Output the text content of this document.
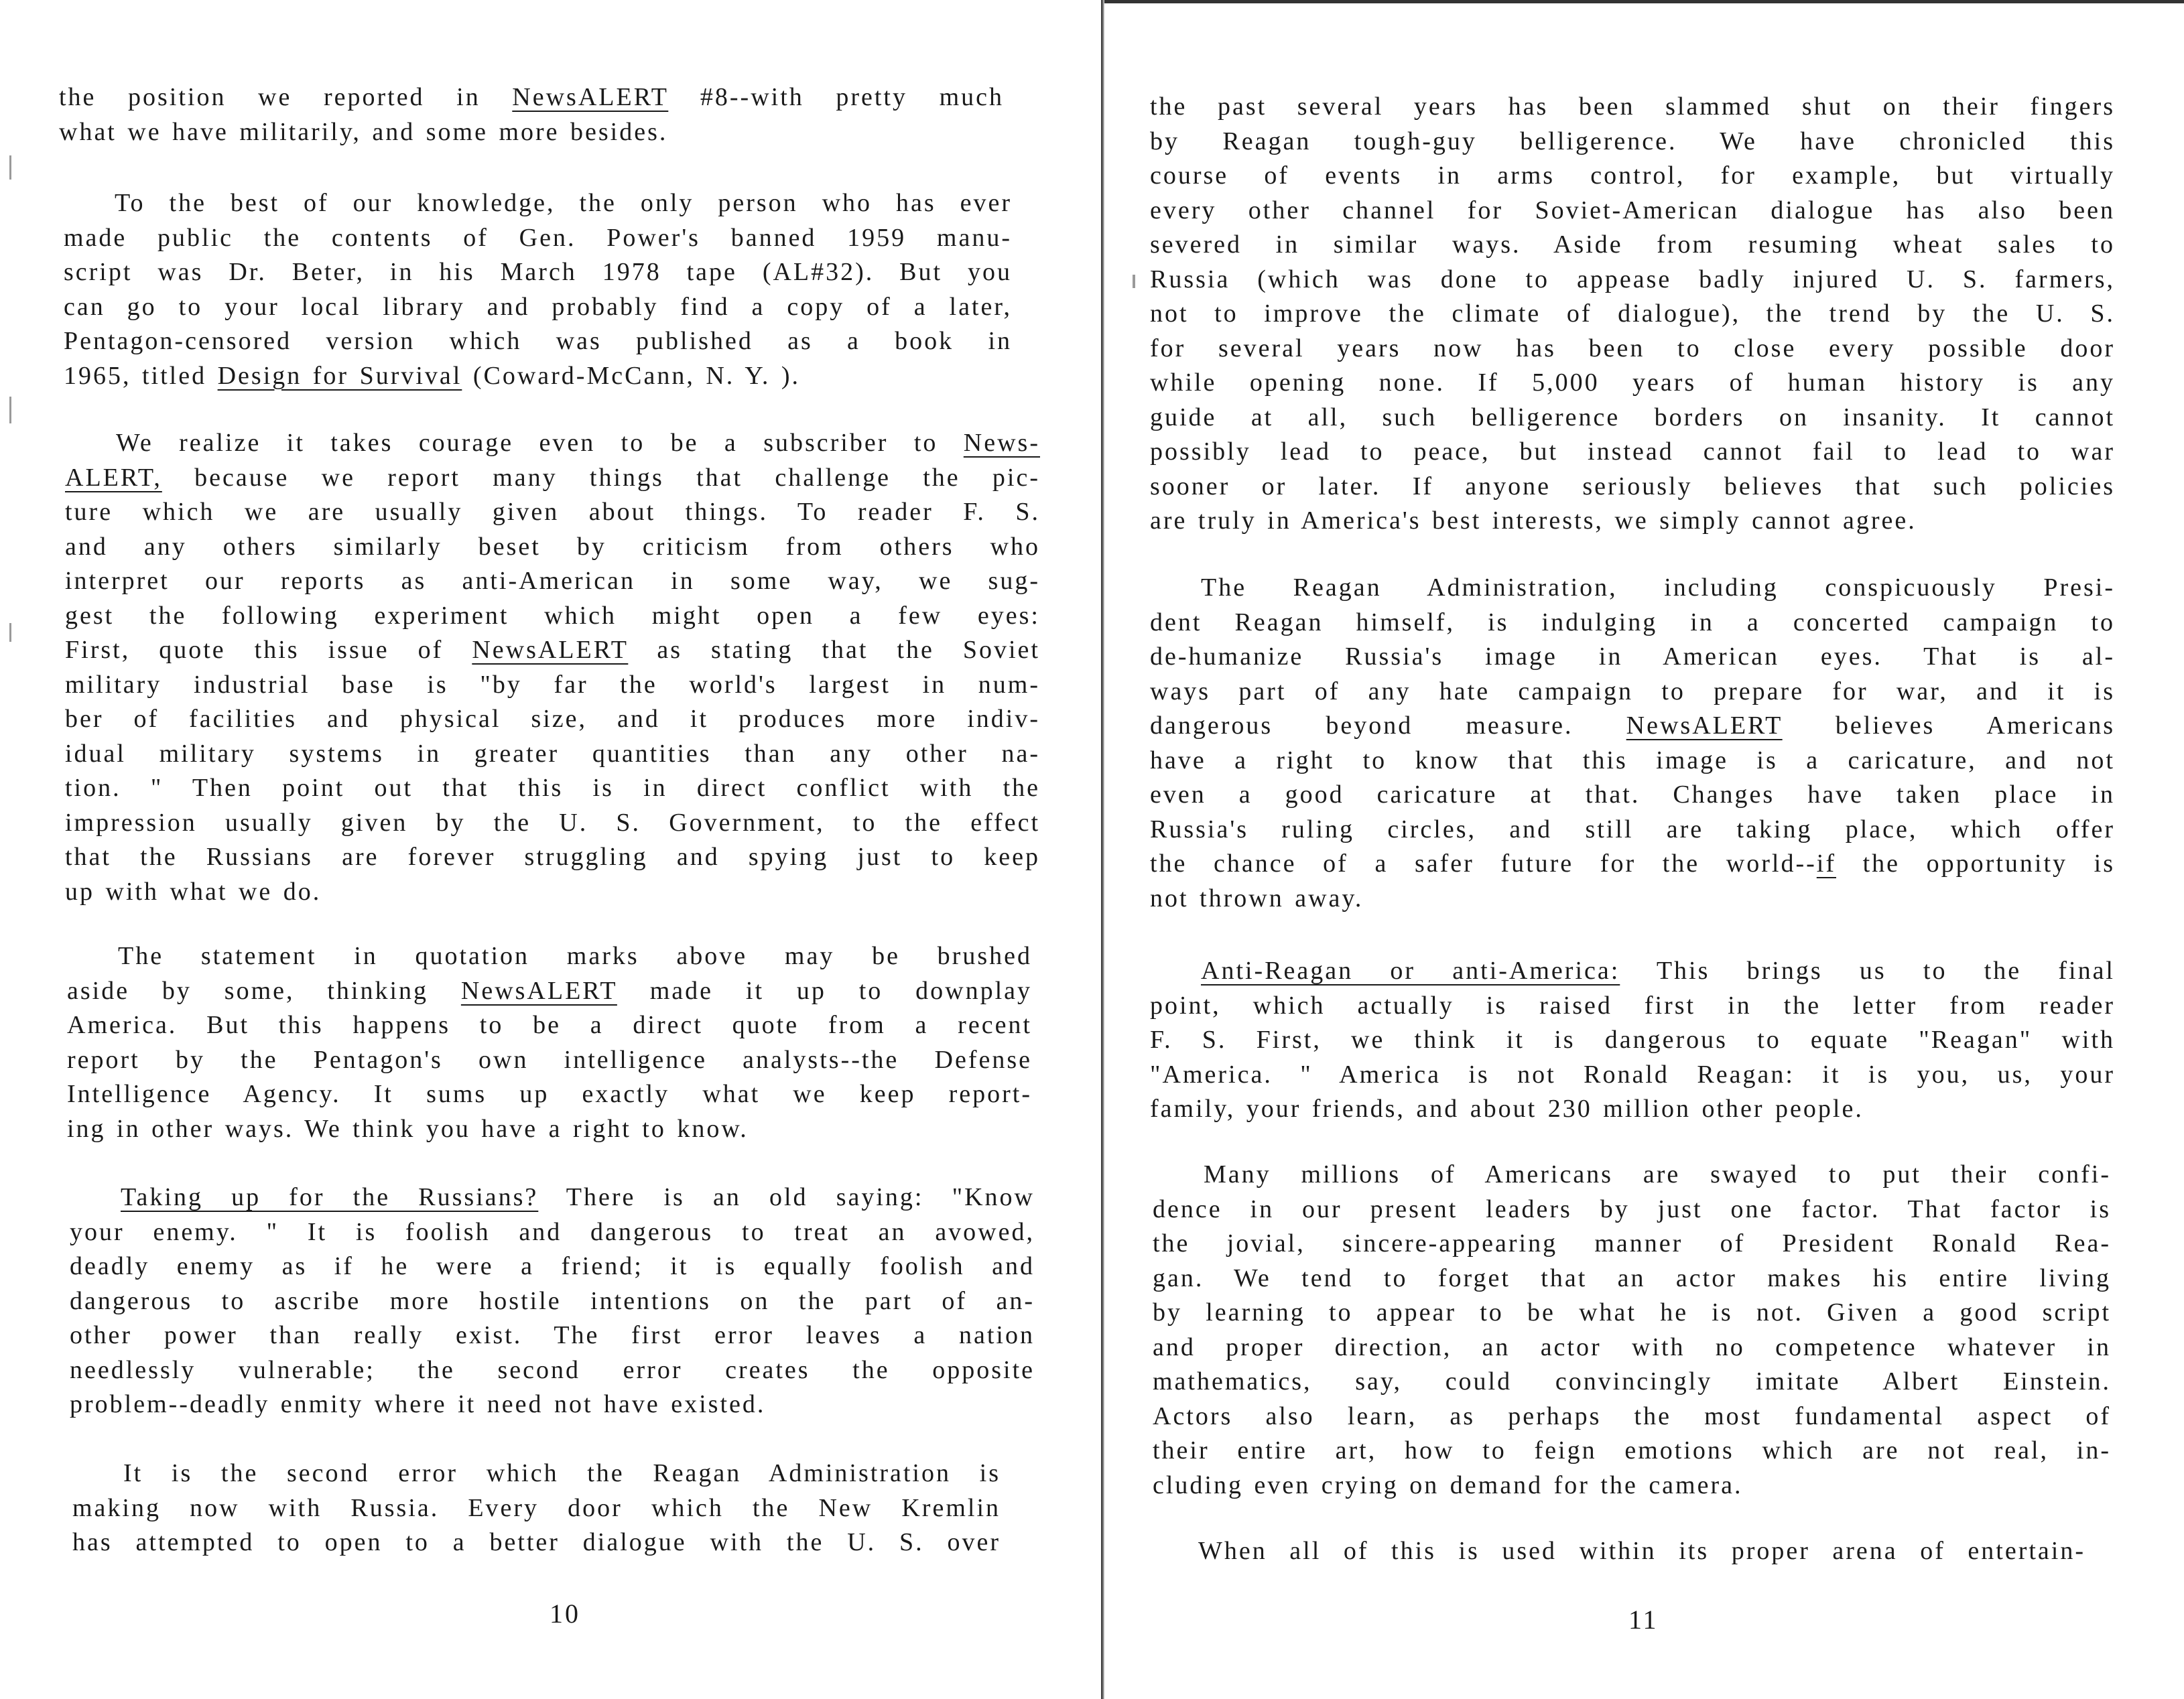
the position we reported in NewsALERT #8--with pretty much
what we have militarily, and some more besides.

To the best of our knowledge, the only person who has ever
made public the contents of Gen. Power's banned 1959 manu-
script was Dr. Beter, in his March 1978 tape (AL#32). But you
can go to your local library and probably find a copy of a later,
Pentagon-censored version which was published as a book in
1965, titled Design for Survival (Coward-McCann, N. Y. ).

We realize it takes courage even to be a subscriber to News-
ALERT, because we report many things that challenge the pic-
ture which we are usually given about things. To reader F. S.
and any others similarly beset by criticism from others who
interpret our reports as anti-American in some way, we sug-
gest the following experiment which might open a few eyes:
First, quote this issue of NewsALERT as stating that the Soviet
military industrial base is "by far the world's largest in num-
ber of facilities and physical size, and it produces more indiv-
idual military systems in greater quantities than any other na-
tion. " Then point out that this is in direct conflict with the
impression usually given by the U. S. Government, to the effect
that the Russians are forever struggling and spying just to keep
up with what we do.

The statement in quotation marks above may be brushed
aside by some, thinking NewsALERT made it up to downplay
America. But this happens to be a direct quote from a recent
report by the Pentagon's own intelligence analysts--the Defense
Intelligence Agency. It sums up exactly what we keep report-
ing in other ways. We think you have a right to know.

Taking up for the Russians? There is an old saying: "Know
your enemy. " It is foolish and dangerous to treat an avowed,
deadly enemy as if he were a friend; it is equally foolish and
dangerous to ascribe more hostile intentions on the part of an-
other power than really exist. The first error leaves a nation
needlessly vulnerable; the second error creates the opposite
problem--deadly enmity where it need not have existed.

It is the second error which the Reagan Administration is
making now with Russia. Every door which the New Kremlin
has attempted to open to a better dialogue with the U. S. over

10

the past several years has been slammed shut on their fingers
by Reagan tough-guy belligerence. We have chronicled this
course of events in arms control, for example, but virtually
every other channel for Soviet-American dialogue has also been
severed in similar ways. Aside from resuming wheat sales to
Russia (which was done to appease badly injured U. S. farmers,
not to improve the climate of dialogue), the trend by the U. S.
for several years now has been to close every possible door
while opening none. If 5,000 years of human history is any
guide at all, such belligerence borders on insanity. It cannot
possibly lead to peace, but instead cannot fail to lead to war
sooner or later. If anyone seriously believes that such policies
are truly in America's best interests, we simply cannot agree.

The Reagan Administration, including conspicuously Presi-
dent Reagan himself, is indulging in a concerted campaign to
de-humanize Russia's image in American eyes. That is al-
ways part of any hate campaign to prepare for war, and it is
dangerous beyond measure. NewsALERT believes Americans
have a right to know that this image is a caricature, and not
even a good caricature at that. Changes have taken place in
Russia's ruling circles, and still are taking place, which offer
the chance of a safer future for the world--if the opportunity is
not thrown away.

Anti-Reagan or anti-America: This brings us to the final
point, which actually is raised first in the letter from reader
F. S. First, we think it is dangerous to equate "Reagan" with
"America. " America is not Ronald Reagan: it is you, us, your
family, your friends, and about 230 million other people.

Many millions of Americans are swayed to put their confi-
dence in our present leaders by just one factor. That factor is
the jovial, sincere-appearing manner of President Ronald Rea-
gan. We tend to forget that an actor makes his entire living
by learning to appear to be what he is not. Given a good script
and proper direction, an actor with no competence whatever in
mathematics, say, could convincingly imitate Albert Einstein.
Actors also learn, as perhaps the most fundamental aspect of
their entire art, how to feign emotions which are not real, in-
cluding even crying on demand for the camera.

When all of this is used within its proper arena of entertain-

11
